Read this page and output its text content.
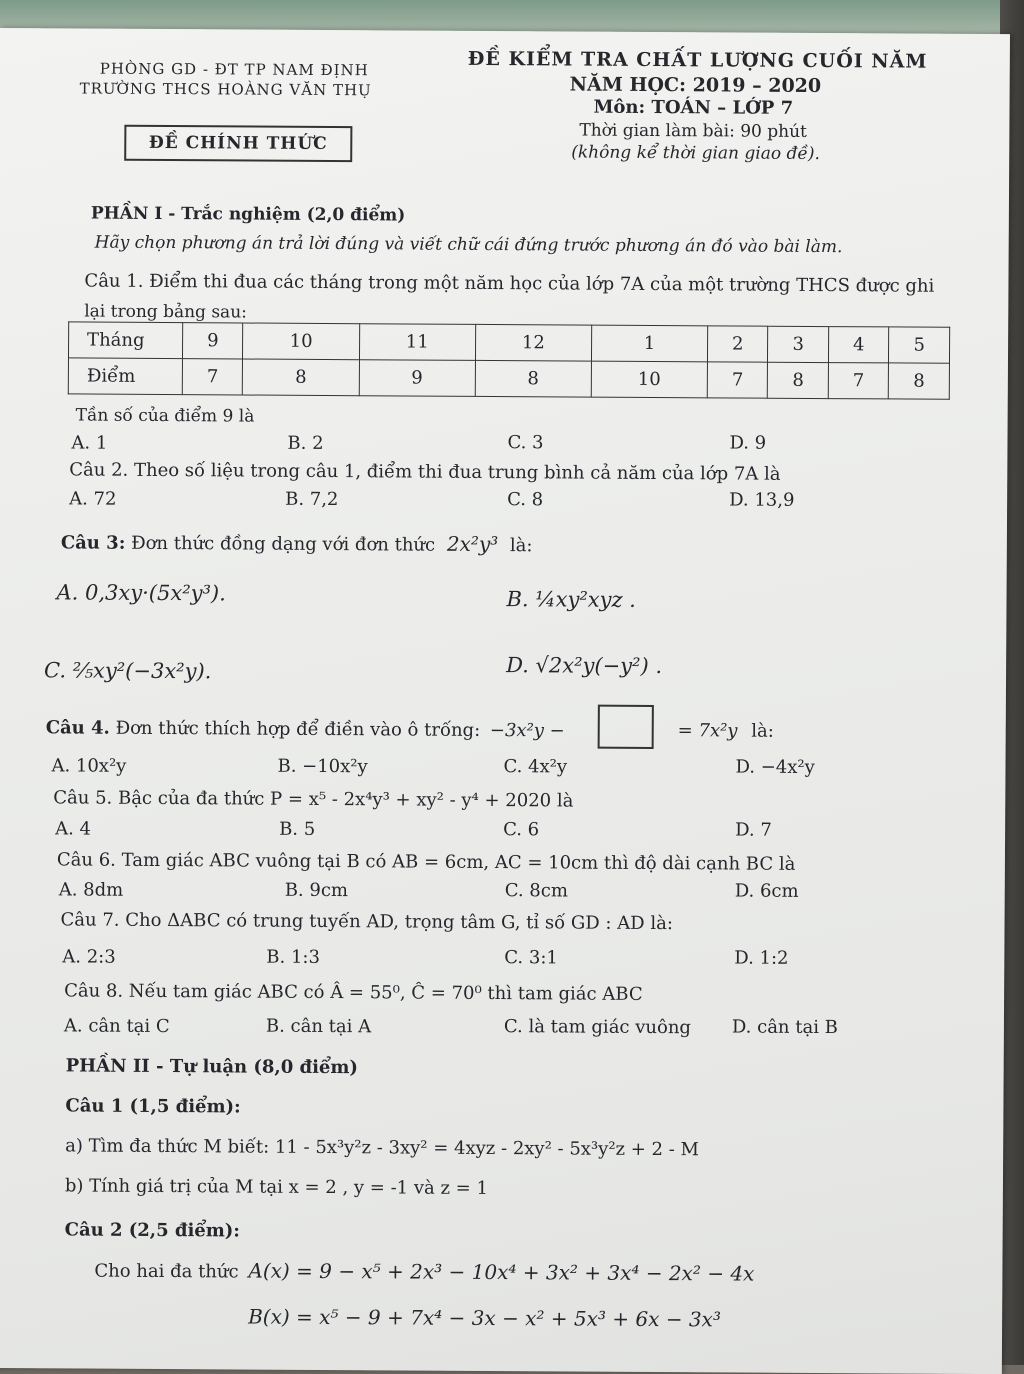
PHÒNG GD - ĐT TP NAM ĐỊNH
TRƯỜNG THCS HOÀNG VĂN THỤ
ĐỀ CHÍNH THỨC
ĐỀ KIỂM TRA CHẤT LƯỢNG CUỐI NĂM
NĂM HỌC: 2019 – 2020
Môn: TOÁN – LỚP 7
Thời gian làm bài: 90 phút
(không kể thời gian giao đề).
PHẦN I - Trắc nghiệm (2,0 điểm)
Hãy chọn phương án trả lời đúng và viết chữ cái đứng trước phương án đó vào bài làm.
Câu 1. Điểm thi đua các tháng trong một năm học của lớp 7A của một trường THCS được ghi
lại trong bảng sau:
Tháng	9	10	11	12	1	2	3	4	5
Điểm	7	8	9	8	10	7	8	7	8
Tần số của điểm 9 là
A. 1	B. 2	C. 3	D. 9
Câu 2. Theo số liệu trong câu 1, điểm thi đua trung bình cả năm của lớp 7A là
A. 72	B. 7,2	C. 8	D. 13,9
Câu 3: Đơn thức đồng dạng với đơn thức 2x²y³ là:
A. 0,3xy·(5x²y³).	B. ¼xy²xyz .
C. ⅖xy²(−3x²y).	D. √2x²y(−y²) .
Câu 4. Đơn thức thích hợp để điền vào ô trống: −3x²y −	= 7x²y là:
A. 10x²y	B. −10x²y	C. 4x²y	D. −4x²y
Câu 5. Bậc của đa thức P = x⁵ - 2x⁴y³ + xy² - y⁴ + 2020 là
A. 4	B. 5	C. 6	D. 7
Câu 6. Tam giác ABC vuông tại B có AB = 6cm, AC = 10cm thì độ dài cạnh BC là
A. 8dm	B. 9cm	C. 8cm	D. 6cm
Câu 7. Cho ΔABC có trung tuyến AD, trọng tâm G, tỉ số GD : AD là:
A. 2:3	B. 1:3	C. 3:1	D. 1:2
Câu 8. Nếu tam giác ABC có Â = 55⁰, Ĉ = 70⁰ thì tam giác ABC
A. cân tại C	B. cân tại A	C. là tam giác vuông D. cân tại B
PHẦN II - Tự luận (8,0 điểm)
Câu 1 (1,5 điểm):
a) Tìm đa thức M biết: 11 - 5x³y²z - 3xy² = 4xyz - 2xy² - 5x³y²z + 2 - M
b) Tính giá trị của M tại x = 2 , y = -1 và z = 1
Câu 2 (2,5 điểm):
Cho hai đa thức A(x) = 9 − x⁵ + 2x³ − 10x⁴ + 3x² + 3x⁴ − 2x² − 4x
B(x) = x⁵ − 9 + 7x⁴ − 3x − x² + 5x³ + 6x − 3x³
